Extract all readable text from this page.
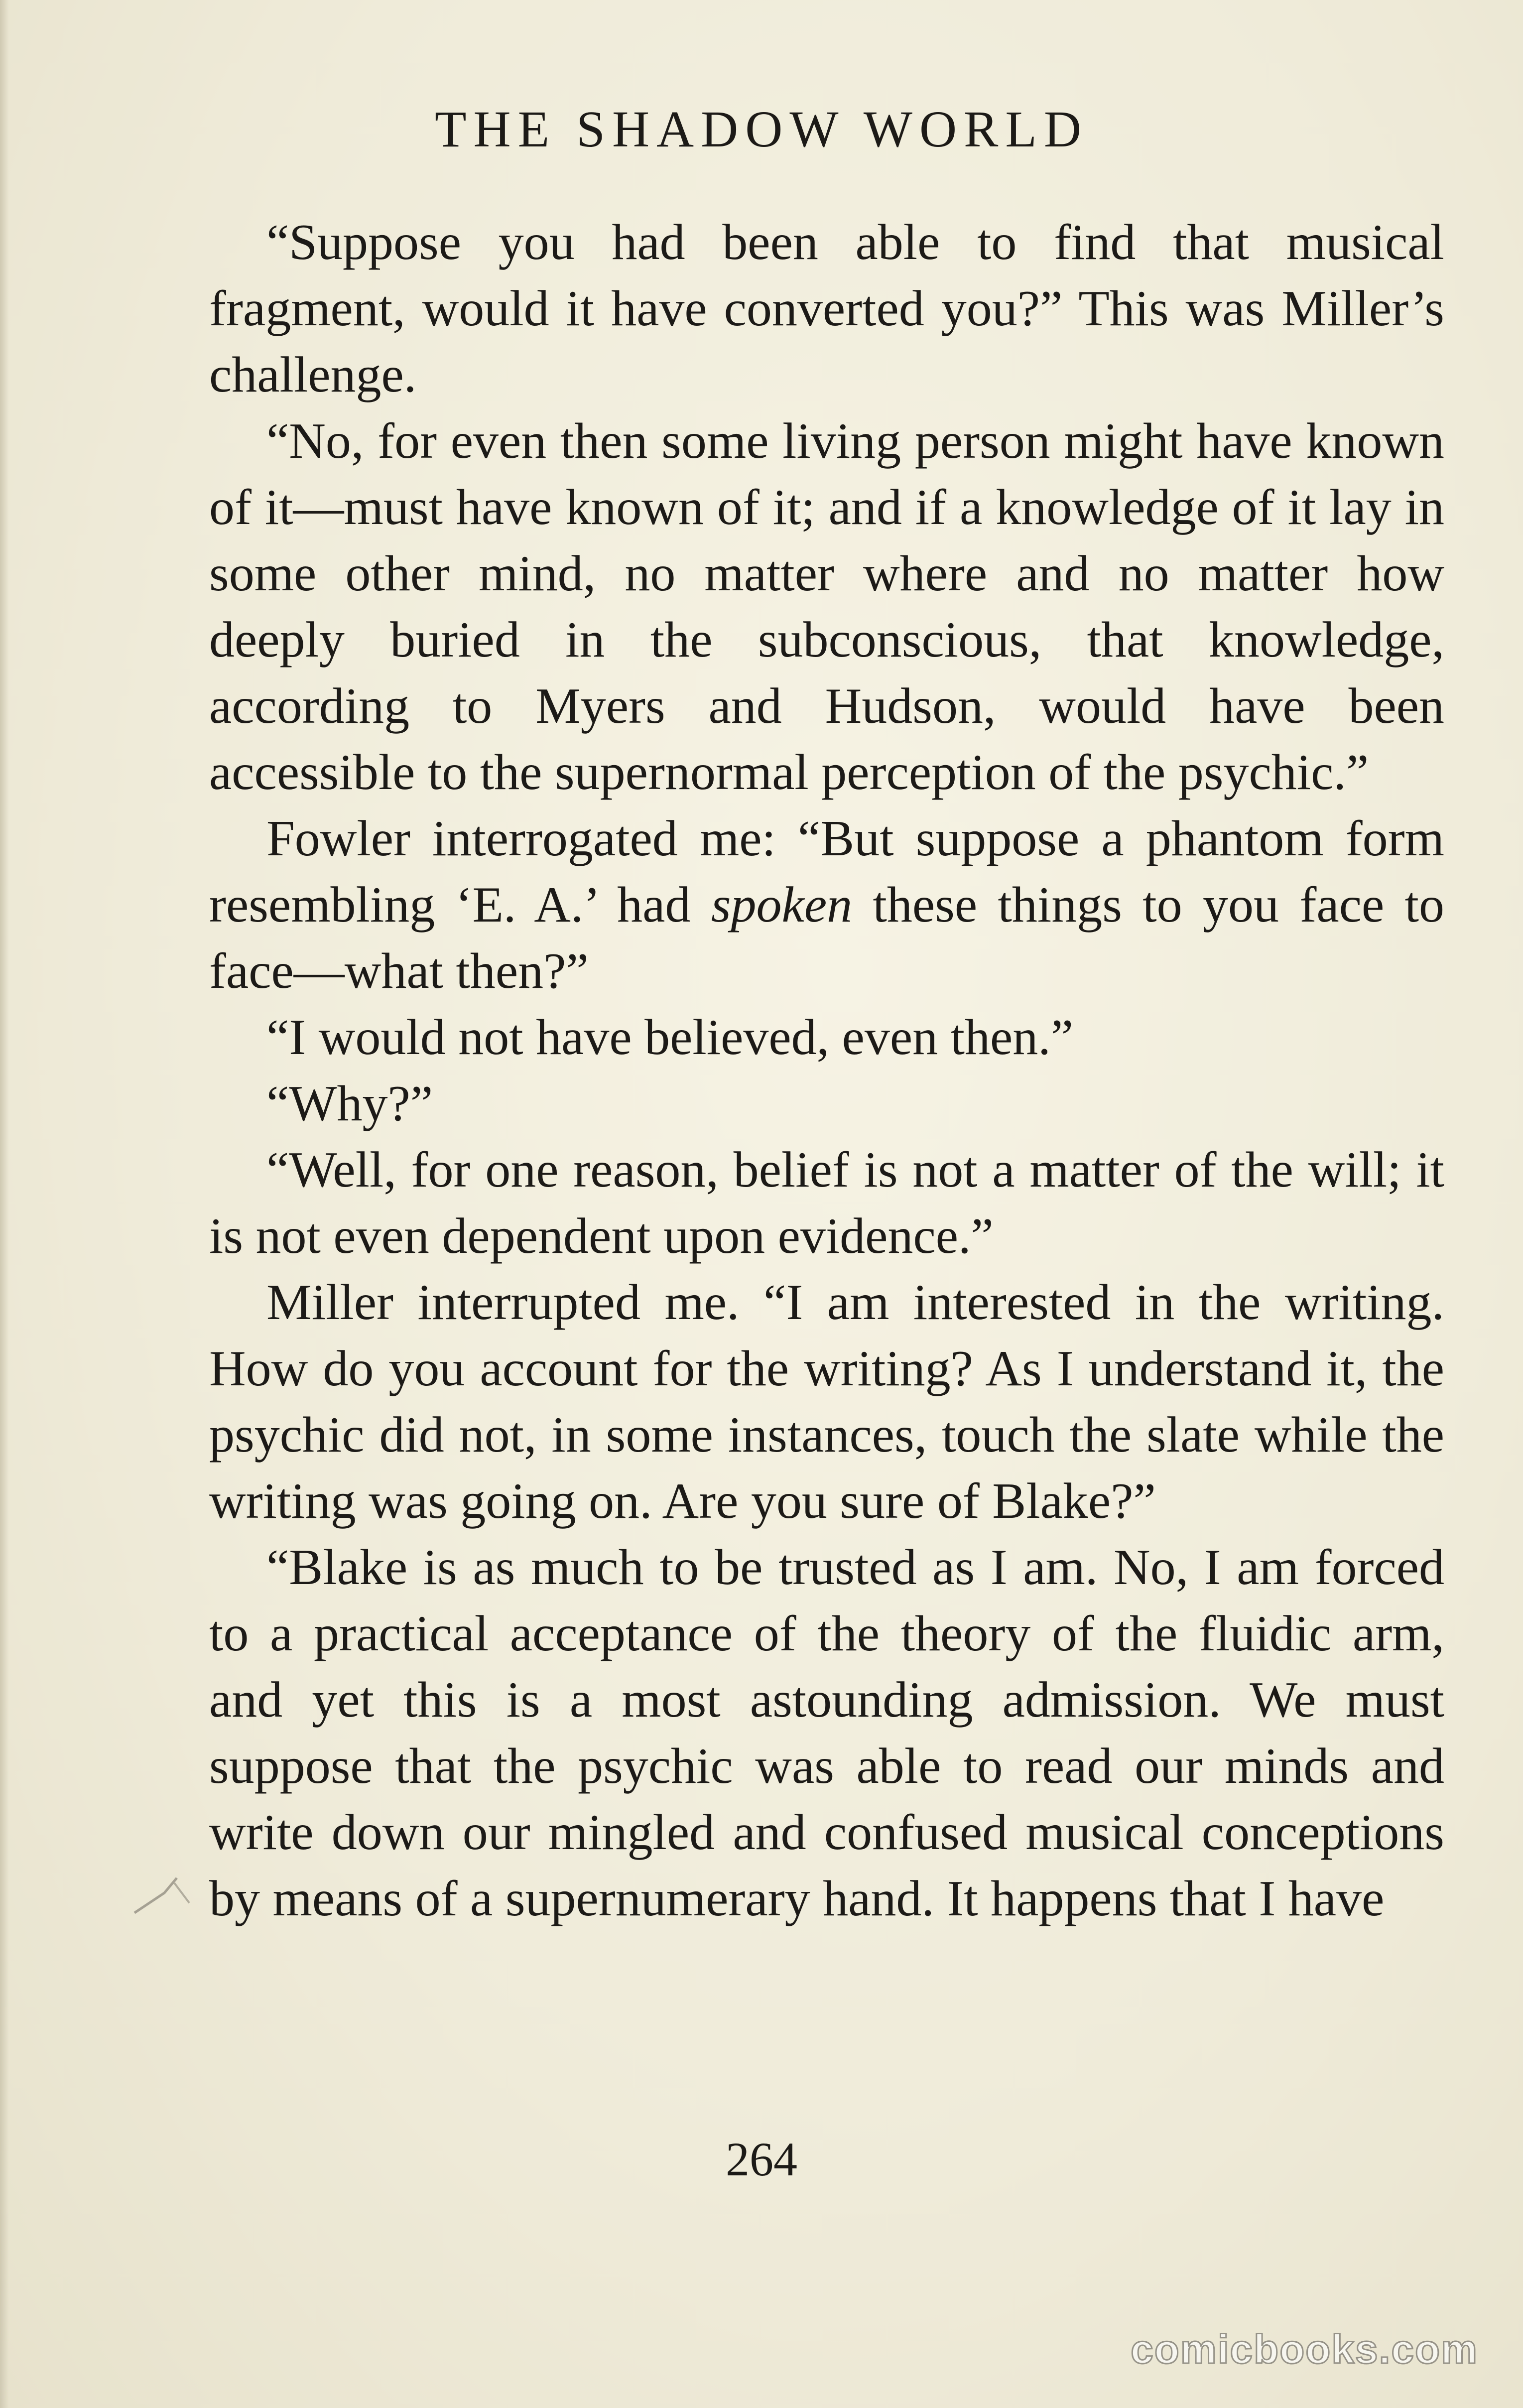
THE SHADOW WORLD

“Suppose you had been able to find that musical fragment, would it have converted you?” This was Miller’s challenge.

“No, for even then some living person might have known of it—must have known of it; and if a knowledge of it lay in some other mind, no matter where and no matter how deeply buried in the subconscious, that knowledge, according to Myers and Hudson, would have been accessible to the supernormal perception of the psychic.”

Fowler interrogated me: “But suppose a phantom form resembling ‘E. A.’ had spoken these things to you face to face—what then?”

“I would not have believed, even then.”

“Why?”

“Well, for one reason, belief is not a matter of the will; it is not even dependent upon evidence.”

Miller interrupted me. “I am interested in the writing. How do you account for the writing? As I understand it, the psychic did not, in some instances, touch the slate while the writing was going on. Are you sure of Blake?”

“Blake is as much to be trusted as I am. No, I am forced to a practical acceptance of the theory of the fluidic arm, and yet this is a most astounding admission. We must suppose that the psychic was able to read our minds and write down our mingled and confused musical conceptions by means of a supernumerary hand. It happens that I have

264
comicbooks.com
